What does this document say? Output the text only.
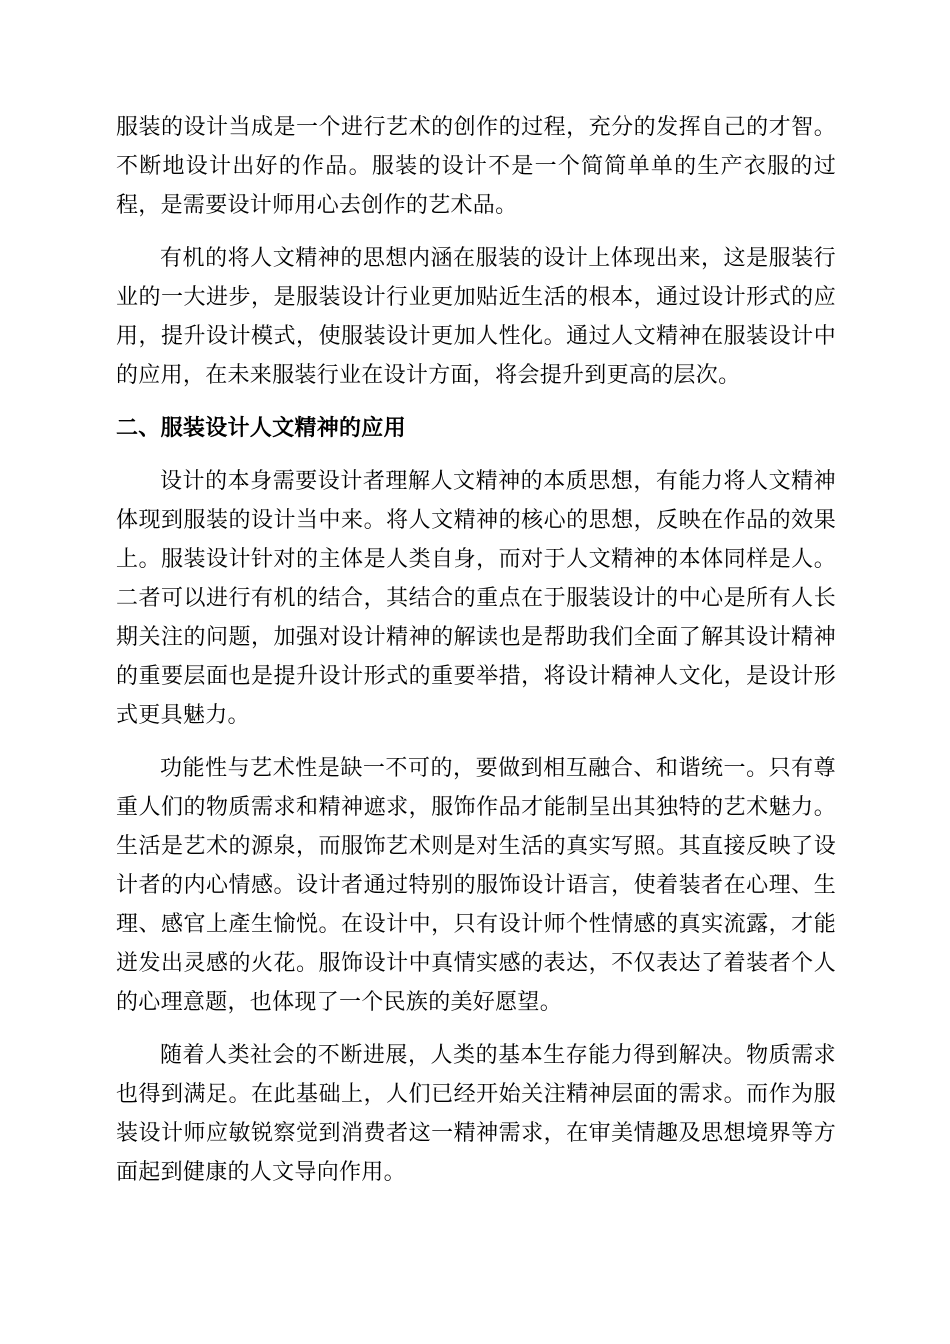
服装的设计当成是一个进行艺术的创作的过程，充分的发挥自己的才智。不断地设计出好的作品。服装的设计不是一个简简单单的生产衣服的过程，是需要设计师用心去创作的艺术品。

有机的将人文精神的思想内涵在服装的设计上体现出来，这是服装行业的一大进步，是服装设计行业更加贴近生活的根本，通过设计形式的应用，提升设计模式，使服装设计更加人性化。通过人文精神在服装设计中的应用，在未来服装行业在设计方面，将会提升到更高的层次。

二、服装设计人文精神的应用

设计的本身需要设计者理解人文精神的本质思想，有能力将人文精神体现到服装的设计当中来。将人文精神的核心的思想，反映在作品的效果上。服装设计针对的主体是人类自身，而对于人文精神的本体同样是人。二者可以进行有机的结合，其结合的重点在于服装设计的中心是所有人长期关注的问题，加强对设计精神的解读也是帮助我们全面了解其设计精神的重要层面也是提升设计形式的重要举措，将设计精神人文化，是设计形式更具魅力。

功能性与艺术性是缺一不可的，要做到相互融合、和谐统一。只有尊重人们的物质需求和精神遮求，服饰作品才能制呈出其独特的艺术魅力。生活是艺术的源泉，而服饰艺术则是对生活的真实写照。其直接反映了设计者的内心情感。设计者通过特别的服饰设计语言，使着装者在心理、生理、感官上產生愉悦。在设计中，只有设计师个性情感的真实流露，才能迸发出灵感的火花。服饰设计中真情实感的表达，不仅表达了着装者个人的心理意题，也体现了一个民族的美好愿望。

随着人类社会的不断进展，人类的基本生存能力得到解决。物质需求也得到满足。在此基础上，人们已经开始关注精神层面的需求。而作为服装设计师应敏锐察觉到消费者这一精神需求，在审美情趣及思想境界等方面起到健康的人文导向作用。
